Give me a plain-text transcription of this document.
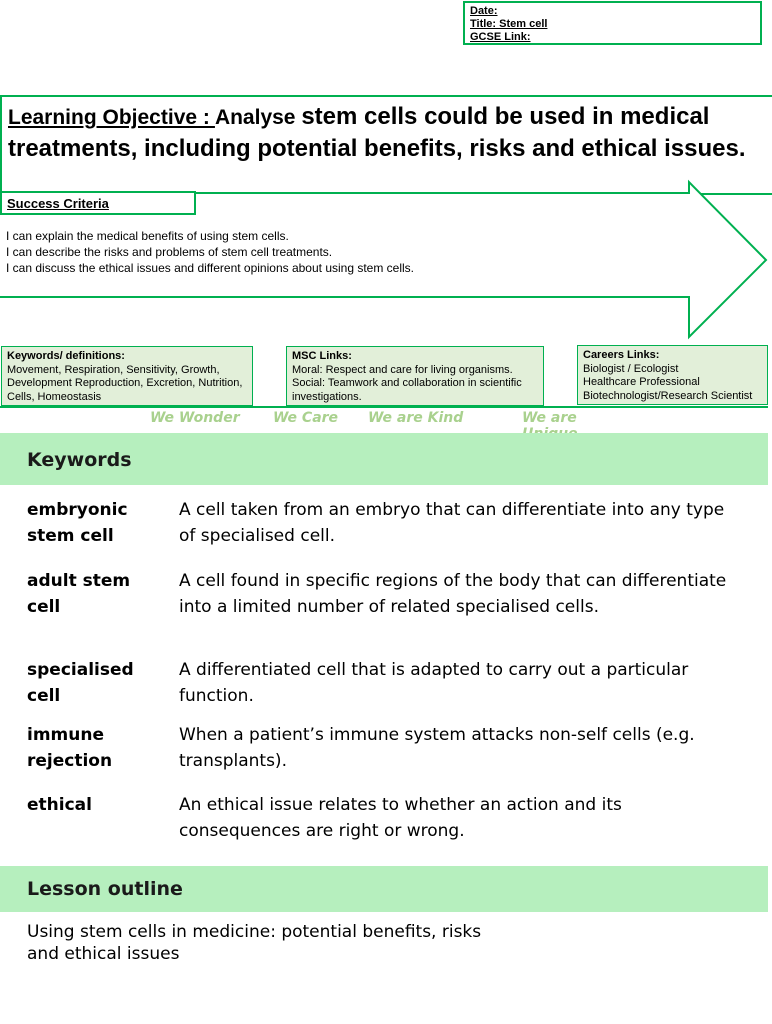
Date:
Title: Stem cell
GCSE Link:
Learning Objective : Analyse stem cells could be used in medical treatments, including potential benefits, risks and ethical issues.
Success Criteria
I can explain the medical benefits of using stem cells.
I can describe the risks and problems of stem cell treatments.
I can discuss the ethical issues and different opinions about using stem cells.
Keywords/ definitions:
Movement, Respiration, Sensitivity, Growth, Development Reproduction, Excretion, Nutrition, Cells, Homeostasis
MSC Links:
Moral: Respect and care for living organisms.
Social: Teamwork and collaboration in scientific investigations.
Careers Links:
Biologist / Ecologist
Healthcare Professional
Biotechnologist/Research Scientist
We Wonder We Care We are Kind	We are
Keywords
embryonic stem cell
A cell taken from an embryo that can differentiate into any type of specialised cell.
adult stem cell
A cell found in specific regions of the body that can differentiate into a limited number of related specialised cells.
specialised cell
A differentiated cell that is adapted to carry out a particular function.
immune rejection
When a patient’s immune system attacks non-self cells (e.g. transplants).
ethical	An ethical issue relates to whether an action and its consequences are right or wrong.
Lesson outline
Using stem cells in medicine: potential benefits, risks and ethical issues
